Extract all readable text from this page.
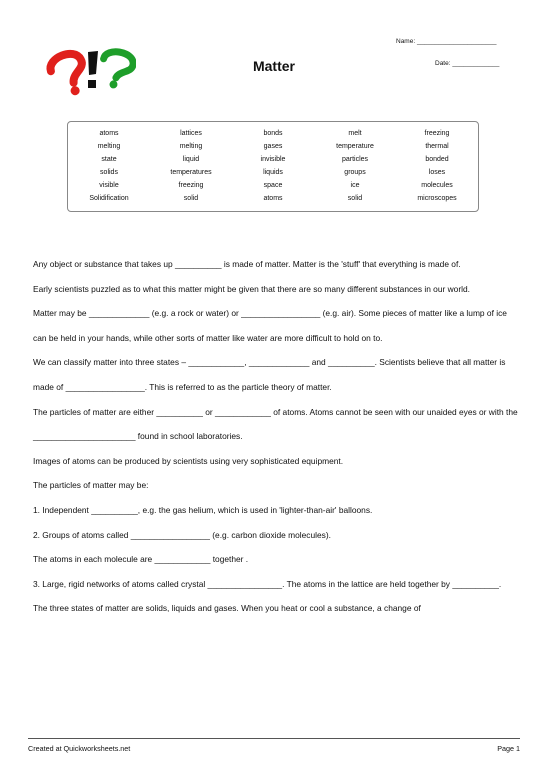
Name: ______________________
Date: _____________
Matter
atoms	lattices	bonds	melt	freezing
melting	melting	gases	temperature	thermal
state	liquid	invisible	particles	bonded
solids	temperatures	liquids	groups	loses
visible	freezing	space	ice	molecules
Solidification	solid	atoms	solid	microscopes

Any object or substance that takes up __________ is made of matter. Matter is the 'stuff' that everything is made of.

Early scientists puzzled as to what this matter might be given that there are so many different substances in our world.

Matter may be _____________ (e.g. a rock or water) or _________________ (e.g. air). Some pieces of matter like a lump of ice can be held in your hands, while other sorts of matter like water are more difficult to hold on to.

We can classify matter into three states – ____________, _____________ and __________. Scientists believe that all matter is made of _________________. This is referred to as the particle theory of matter.

The particles of matter are either __________ or ____________ of atoms. Atoms cannot be seen with our unaided eyes or with the ______________________ found in school laboratories.

Images of atoms can be produced by scientists using very sophisticated equipment.

The particles of matter may be:

1. Independent __________, e.g. the gas helium, which is used in 'lighter-than-air' balloons.

2. Groups of atoms called _________________ (e.g. carbon dioxide molecules).

The atoms in each molecule are ____________ together .

3. Large, rigid networks of atoms called crystal ________________. The atoms in the lattice are held together by __________.

The three states of matter are solids, liquids and gases. When you heat or cool a substance, a change of

Created at Quickworksheets.net	Page 1
